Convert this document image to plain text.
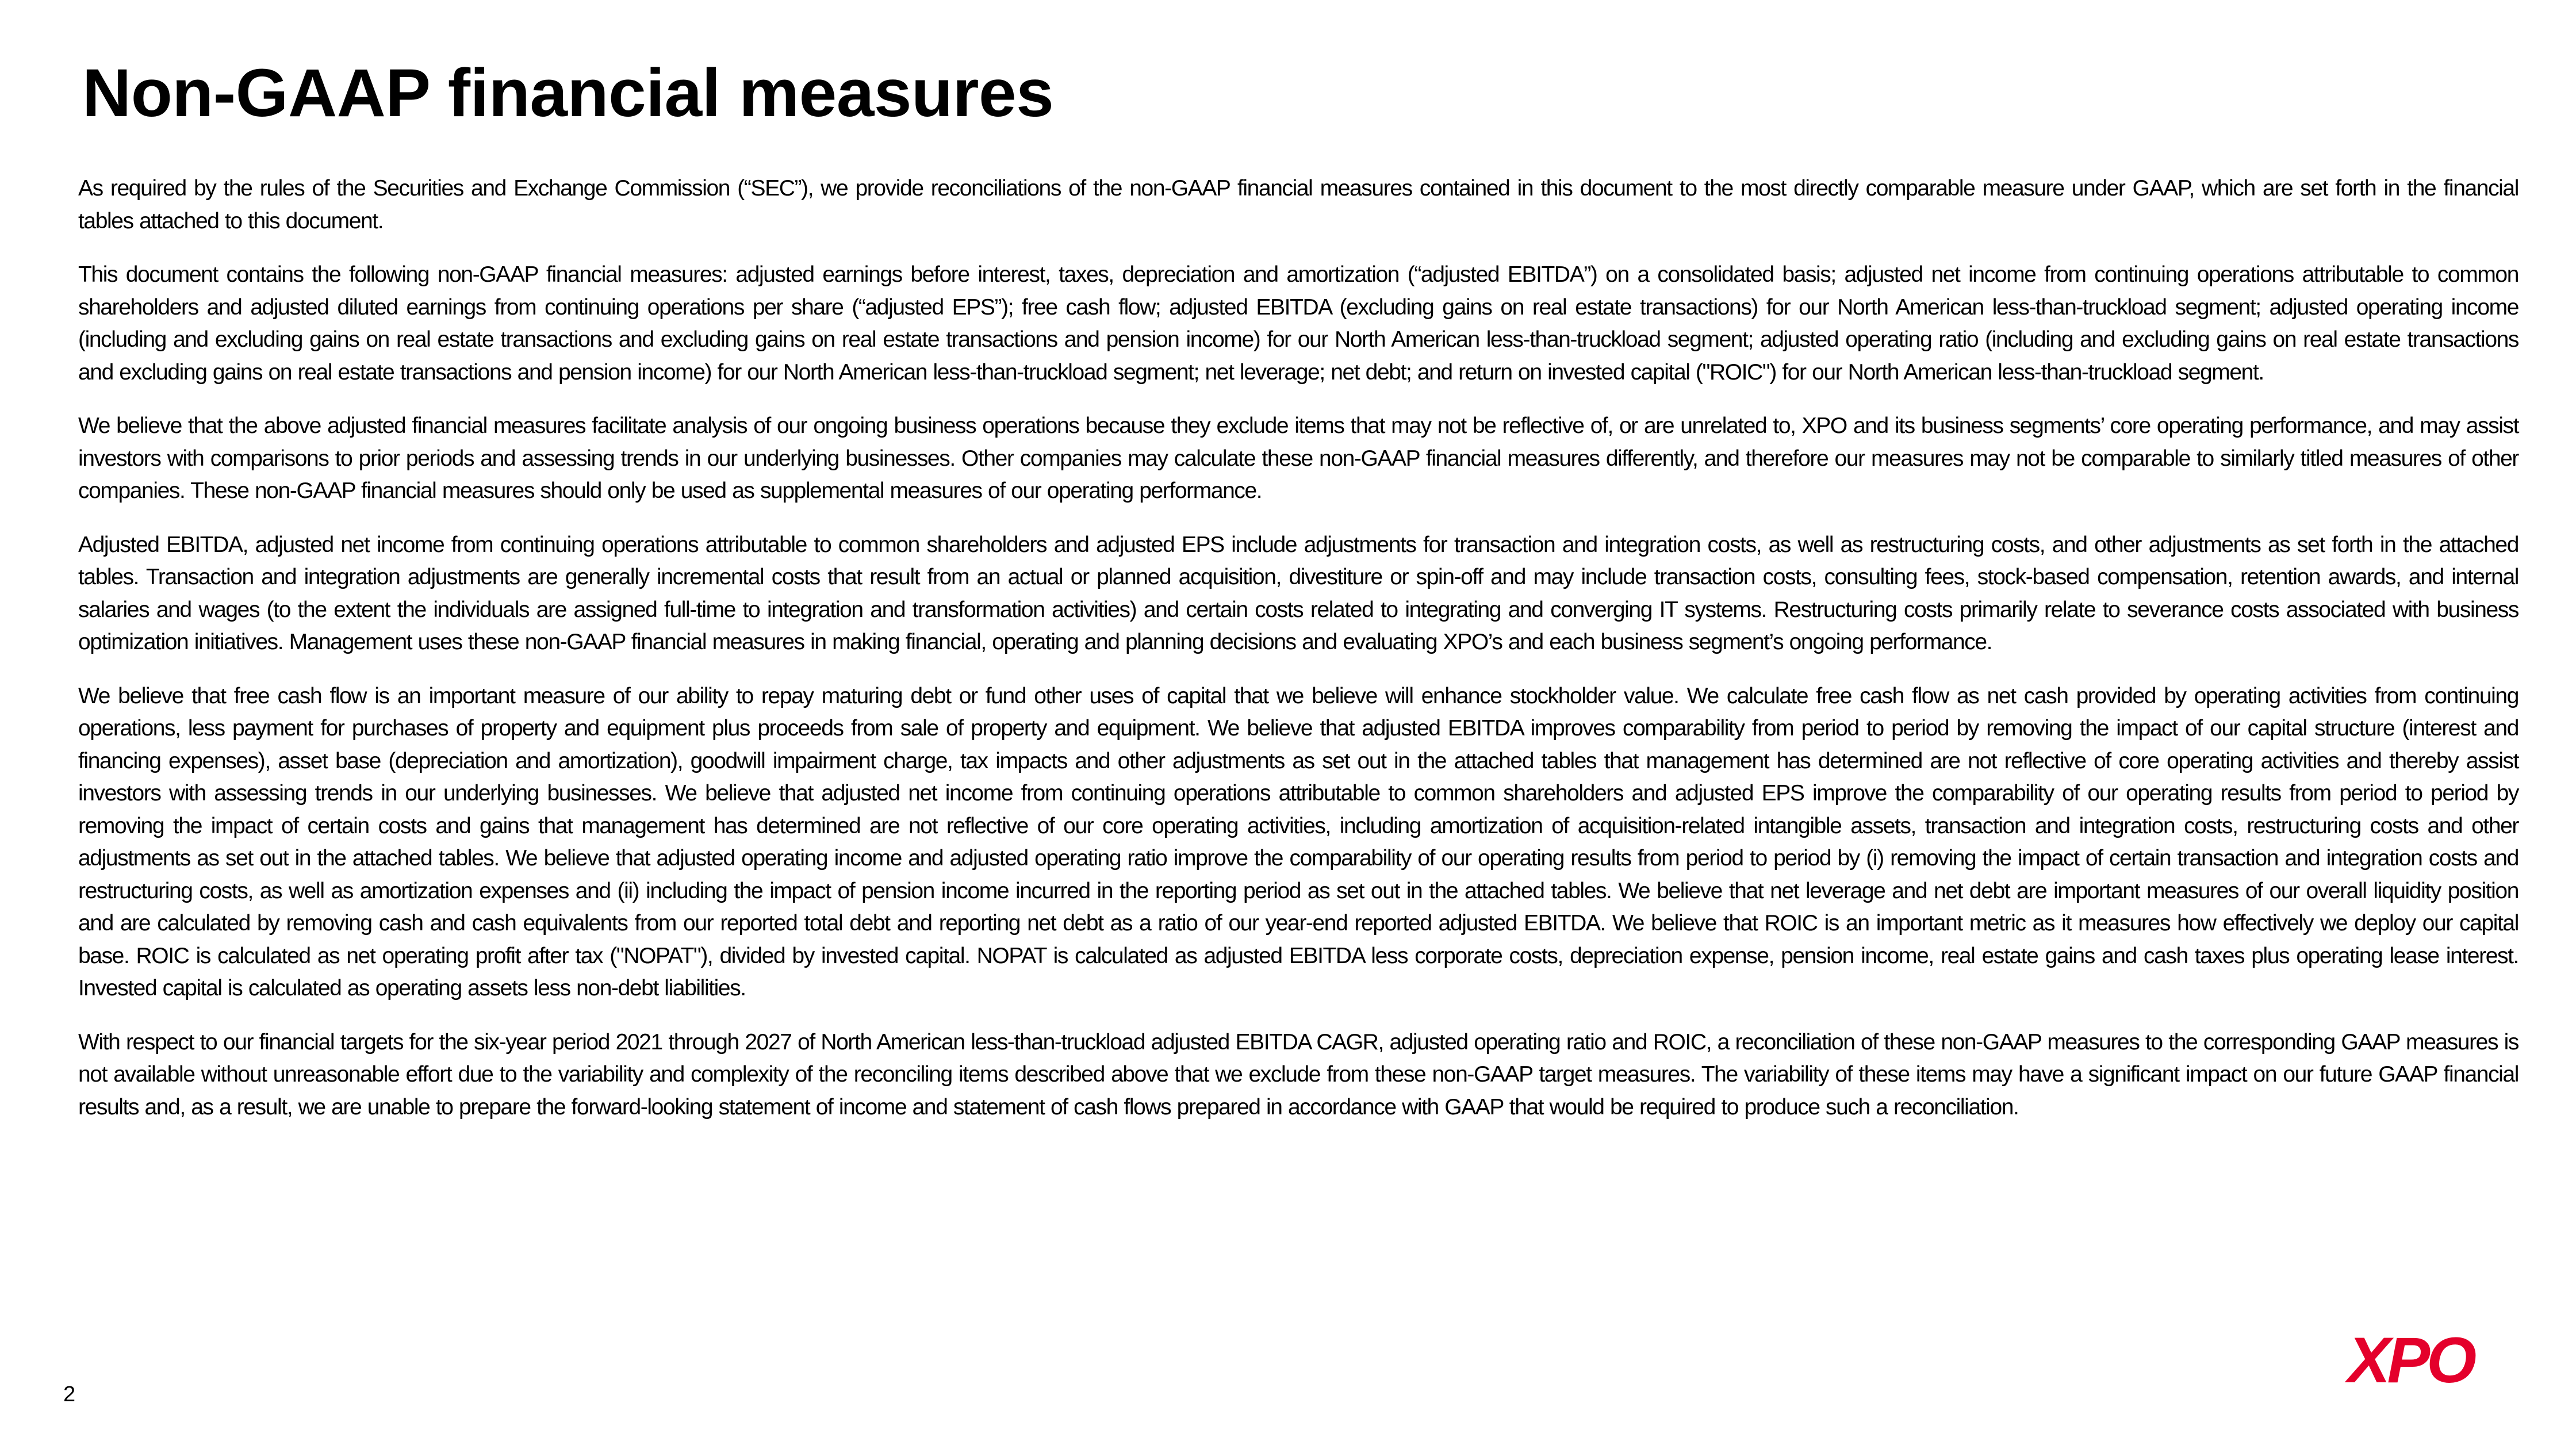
Non-GAAP financial measures

As required by the rules of the Securities and Exchange Commission (“SEC”), we provide reconciliations of the non-GAAP financial measures contained in this document to the most directly comparable measure under GAAP, which are set forth in the financial tables attached to this document.

This document contains the following non-GAAP financial measures: adjusted earnings before interest, taxes, depreciation and amortization (“adjusted EBITDA”) on a consolidated basis; adjusted net income from continuing operations attributable to common shareholders and adjusted diluted earnings from continuing operations per share (“adjusted EPS”); free cash flow; adjusted EBITDA (excluding gains on real estate transactions) for our North American less-than-truckload segment; adjusted operating income (including and excluding gains on real estate transactions and excluding gains on real estate transactions and pension income) for our North American less-than-truckload segment; adjusted operating ratio (including and excluding gains on real estate transactions and excluding gains on real estate transactions and pension income) for our North American less-than-truckload segment; net leverage; net debt; and return on invested capital ("ROIC") for our North American less-than-truckload segment.

We believe that the above adjusted financial measures facilitate analysis of our ongoing business operations because they exclude items that may not be reflective of, or are unrelated to, XPO and its business segments’ core operating performance, and may assist investors with comparisons to prior periods and assessing trends in our underlying businesses. Other companies may calculate these non-GAAP financial measures differently, and therefore our measures may not be comparable to similarly titled measures of other companies. These non-GAAP financial measures should only be used as supplemental measures of our operating performance.

Adjusted EBITDA, adjusted net income from continuing operations attributable to common shareholders and adjusted EPS include adjustments for transaction and integration costs, as well as restructuring costs, and other adjustments as set forth in the attached tables. Transaction and integration adjustments are generally incremental costs that result from an actual or planned acquisition, divestiture or spin-off and may include transaction costs, consulting fees, stock-based compensation, retention awards, and internal salaries and wages (to the extent the individuals are assigned full-time to integration and transformation activities) and certain costs related to integrating and converging IT systems. Restructuring costs primarily relate to severance costs associated with business optimization initiatives. Management uses these non-GAAP financial measures in making financial, operating and planning decisions and evaluating XPO’s and each business segment’s ongoing performance.

We believe that free cash flow is an important measure of our ability to repay maturing debt or fund other uses of capital that we believe will enhance stockholder value. We calculate free cash flow as net cash provided by operating activities from continuing operations, less payment for purchases of property and equipment plus proceeds from sale of property and equipment. We believe that adjusted EBITDA improves comparability from period to period by removing the impact of our capital structure (interest and financing expenses), asset base (depreciation and amortization), goodwill impairment charge, tax impacts and other adjustments as set out in the attached tables that management has determined are not reflective of core operating activities and thereby assist investors with assessing trends in our underlying businesses. We believe that adjusted net income from continuing operations attributable to common shareholders and adjusted EPS improve the comparability of our operating results from period to period by removing the impact of certain costs and gains that management has determined are not reflective of our core operating activities, including amortization of acquisition-related intangible assets, transaction and integration costs, restructuring costs and other adjustments as set out in the attached tables. We believe that adjusted operating income and adjusted operating ratio improve the comparability of our operating results from period to period by (i) removing the impact of certain transaction and integration costs and restructuring costs, as well as amortization expenses and (ii) including the impact of pension income incurred in the reporting period as set out in the attached tables. We believe that net leverage and net debt are important measures of our overall liquidity position and are calculated by removing cash and cash equivalents from our reported total debt and reporting net debt as a ratio of our year-end reported adjusted EBITDA. We believe that ROIC is an important metric as it measures how effectively we deploy our capital base. ROIC is calculated as net operating profit after tax ("NOPAT"), divided by invested capital. NOPAT is calculated as adjusted EBITDA less corporate costs, depreciation expense, pension income, real estate gains and cash taxes plus operating lease interest. Invested capital is calculated as operating assets less non-debt liabilities.

With respect to our financial targets for the six-year period 2021 through 2027 of North American less-than-truckload adjusted EBITDA CAGR, adjusted operating ratio and ROIC, a reconciliation of these non-GAAP measures to the corresponding GAAP measures is not available without unreasonable effort due to the variability and complexity of the reconciling items described above that we exclude from these non-GAAP target measures. The variability of these items may have a significant impact on our future GAAP financial results and, as a result, we are unable to prepare the forward-looking statement of income and statement of cash flows prepared in accordance with GAAP that would be required to produce such a reconciliation.

2	XPO
